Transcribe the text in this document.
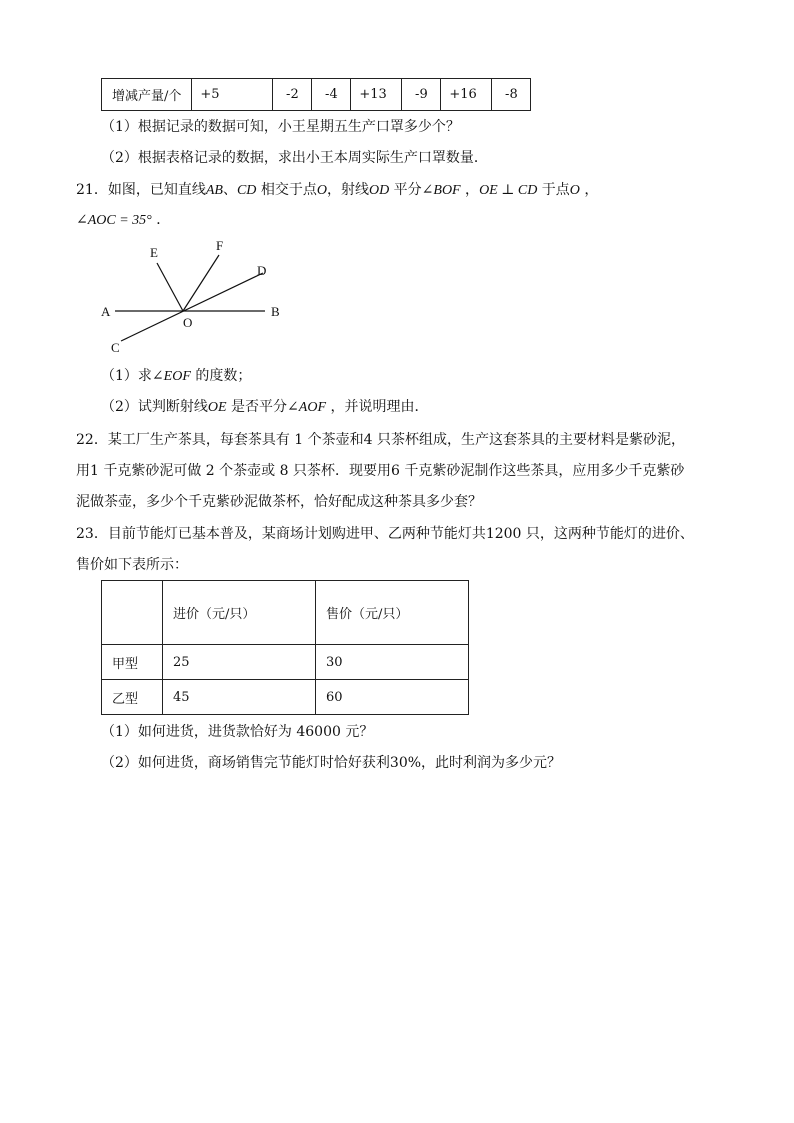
增减产量/个	+5	-2	-4	+13	-9	+16	-8
（1）根据记录的数据可知，小王星期五生产口罩多少个？
（2）根据表格记录的数据，求出小王本周实际生产口罩数量．
21．如图，已知直线AB、CD 相交于点O，射线OD 平分∠BOF ，OE ⊥ CD 于点O ，
∠AOC = 35° ．
E	F
D
A	B
O
C
（1）求∠EOF 的度数；
（2）试判断射线OE 是否平分∠AOF ，并说明理由．
22．某工厂生产茶具，每套茶具有 1 个茶壶和4 只茶杯组成，生产这套茶具的主要材料是紫砂泥，
用1 千克紫砂泥可做 2 个茶壶或 8 只茶杯．现要用6 千克紫砂泥制作这些茶具，应用多少千克紫砂
泥做茶壶，多少个千克紫砂泥做茶杯，恰好配成这种茶具多少套？
23．目前节能灯已基本普及，某商场计划购进甲、乙两种节能灯共1200 只，这两种节能灯的进价、
售价如下表所示：
	进价（元/只）	售价（元/只）
甲型	25	30
乙型	45	60
（1）如何进货，进货款恰好为 46000 元？
（2）如何进货，商场销售完节能灯时恰好获利30%，此时利润为多少元？
